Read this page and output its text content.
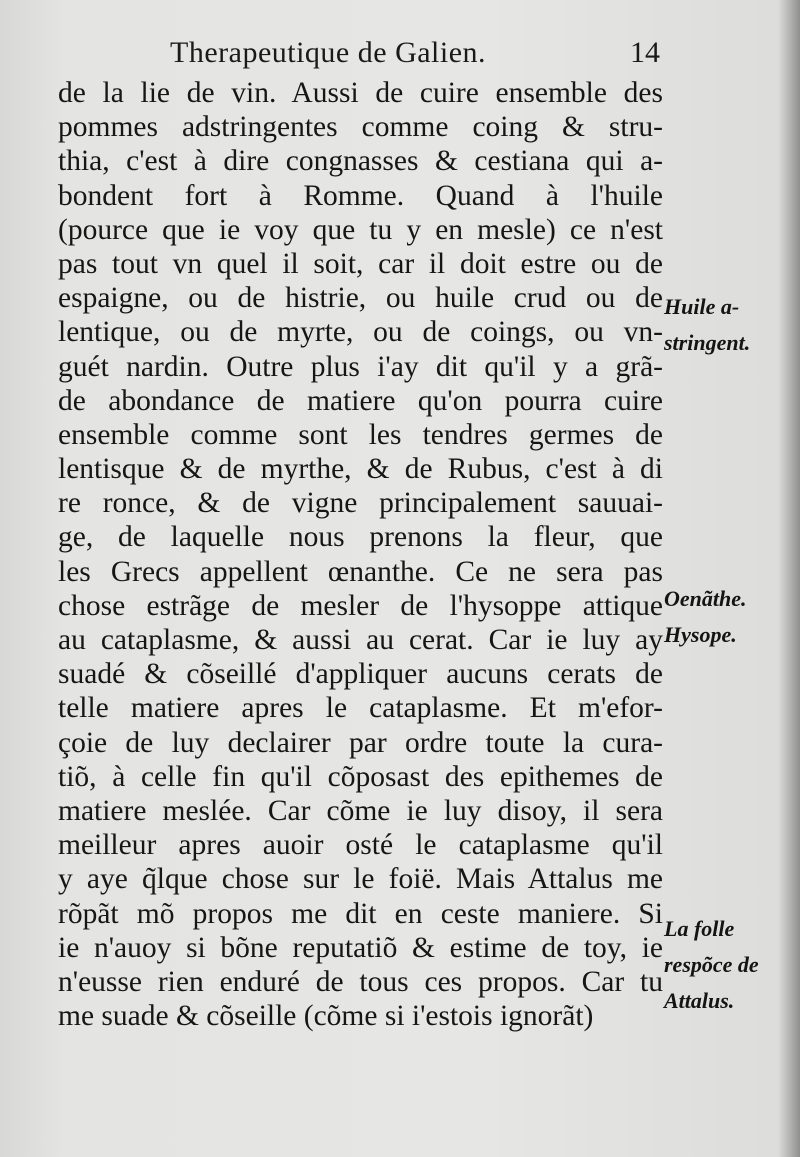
Therapeutique de Galien.	14
de la lie de vin. Aussi de cuire ensemble des
pommes adstringentes comme coing & stru-
thia, c'est à dire congnasses & cestiana qui a-
bondent fort à Romme. Quand à l'huile
(pource que ie voy que tu y en mesle) ce n'est
pas tout vn quel il soit, car il doit estre ou de
espaigne, ou de histrie, ou huile crud ou de
lentique, ou de myrte, ou de coings, ou vn-
guét nardin. Outre plus i'ay dit qu'il y a grã-
de abondance de matiere qu'on pourra cuire
ensemble comme sont les tendres germes de
lentisque & de myrthe, & de Rubus, c'est à di
re ronce, & de vigne principalement sauuai-
ge, de laquelle nous prenons la fleur, que
les Grecs appellent œnanthe. Ce ne sera pas
chose estrãge de mesler de l'hysoppe attique
au cataplasme, & aussi au cerat. Car ie luy ay
suadé & cõseillé d'appliquer aucuns cerats de
telle matiere apres le cataplasme. Et m'efor-
çoie de luy declairer par ordre toute la cura-
tiõ, à celle fin qu'il cõposast des epithemes de
matiere meslée. Car cõme ie luy disoy, il sera
meilleur apres auoir osté le cataplasme qu'il
y aye q̃lque chose sur le foië. Mais Attalus me
rõpãt mõ propos me dit en ceste maniere. Si
ie n'auoy si bõne reputatiõ & estime de toy, ie
n'eusse rien enduré de tous ces propos. Car tu
me suade & cõseille (cõme si i'estois ignorãt)
Huile a-
stringent.
Oenãthe.
Hysope.
La folle
respõce de
Attalus.
